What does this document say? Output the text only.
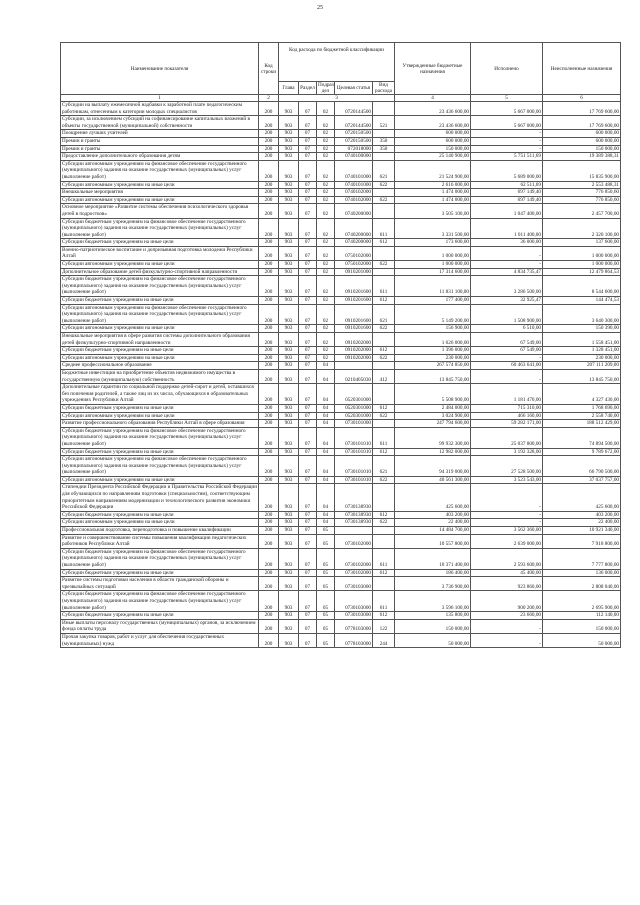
25
Наименование показателя	Код строки	Код расхода по бюджетной классификации					Утвержденные бюджетные назначения	Исполнено	Неисполненные назначения
		Глава	Раздел	Подраз дел	Целевая статья	Вид расхода			
1	2	3					4	5	6
Субсидии на выплату ежемесячной надбавки к заработной плате педагогическим работникам, отнесенным к категории молодых специалистов	200	903	07	02	0720144500		23 436 600,00	5 667 000,00	17 769 600,00
Субсидии, за исключением субсидий на софинансирование капитальных вложений в объекты государственной (муниципальной) собственности	200	903	07	02	0720144500	521	23 436 600,00	5 667 000,00	17 769 600,00
Поощрение лучших учителей	200	903	07	02	0720150500		600 000,00	-	600 000,00
Премии и гранты	200	903	07	02	0720150500	350	600 000,00	-	600 000,00
Премии и гранты	200	903	07	02	072018000	350	150 000,00	-	150 000,00
Предоставление дополнительного образования детям	200	903	07	02	0740100000		25 140 900,00	5 751 511,69	19 389 388,31
Субсидии автономным учреждениям на финансовое обеспечение государственного (муниципального) задания на оказание государственных (муниципальных) услуг (выполнение работ)	200	903	07	02	0740101000	621	21 524 900,00	5 689 000,00	15 835 900,00
Субсидии автономным учреждениям на иные цели	200	903	07	02	0740101000	622	2 616 000,00	62 511,69	2 553 488,31
Внешкольные мероприятия	200	903	07	02	0740102000		1 474 000,00	697 149,40	776 850,60
Субсидии автономным учреждениям на иные цели	200	903	07	02	0740102000	622	1 474 000,00	697 149,40	776 850,60
Основное мероприятие «Развитие системы обеспечения психологического здоровья детей в подростков»	200	903	07	02	0740200000		3 505 100,00	1 047 400,00	2 457 700,00
Субсидии бюджетным учреждениям на финансовое обеспечение государственного (муниципального) задания на оказание государственных (муниципальных) услуг (выполнение работ)	200	903	07	02	0740200000	611	3 331 500,00	1 011 400,00	2 320 100,00
Субсидии бюджетным учреждениям на иные цели	200	903	07	02	0740200000	612	173 600,00	36 000,00	137 600,00
Военно-патриотическое воспитание и допризывная подготовка молодежи Республики Алтай	200	903	07	02	0750102000		1 000 000,00	-	1 000 000,00
Субсидии автономным учреждениям на иные цели	200	903	07	02	0750102000	622	1 000 000,00	-	1 000 000,00
Дополнительное образование детей физкультурно-спортивной направленности	200	903	07	02	0910201000		17 314 600,00	4 834 735,47	12 479 864,53
Субсидии бюджетным учреждениям на финансовое обеспечение государственного (муниципального) задания на оказание государственных (муниципальных) услуг (выполнение работ)	200	903	07	02	0910201600	611	11 831 100,00	3 286 500,00	8 544 600,00
Субсидии бюджетным учреждениям на иные цели	200	903	07	02	0910201600	612	177 400,00	32 925,47	144 474,53
Субсидии автономным учреждениям на финансовое обеспечение государственного (муниципального) задания на оказание государственных (муниципальных) услуг (выполнение работ)	200	903	07	02	0910201600	621	5 149 200,00	1 508 900,00	3 640 300,00
Субсидии автономным учреждениям на иные цели	200	903	07	02	0910201600	622	156 900,00	6 510,00	150 390,00
Внешкольные мероприятия в сфере развития системы дополнительного образования детей физкультурно-спортивной направленности	200	903	07	02	0910202000		1 626 000,00	67 549,00	1 558 451,00
Субсидии бюджетным учреждениям на иные цели	200	903	07	02	0910202000	612	1 396 000,00	67 549,00	1 328 451,00
Субсидии автономным учреждениям на иные цели	200	903	07	02	0910202000	622	230 000,00	-	230 000,00
Среднее профессиональное образование	200	903	07	04			267 574 850,00	60 463 641,00	207 111 209,00
Бюджетные инвестиции на приобретение объектов недвижимого имущества в государственную (муниципальную) собственность	200	903	07	04	0210405030	412	13 845 750,00	-	13 845 750,00
Дополнительные гарантии по социальной поддержке детей-сирот и детей, оставшихся без попечения родителей, а также лиц из их числа, обучающихся в образовательных учреждениях Республики Алтай	200	903	07	04	0520301000		5 508 900,00	1 181 470,00	4 327 430,00
Субсидии бюджетным учреждениям на иные цели	200	903	07	04	0520301000	612	2 484 000,00	715 310,00	1 768 690,00
Субсидии автономным учреждениям на иные цели	200	903	07	04	0520301000	622	3 024 900,00	466 160,00	2 558 740,00
Развитие профессионального образования Республики Алтай в сфере образования	200	903	07	04	0730101000		247 794 600,00	59 282 171,00	188 512 429,00
Субсидии бюджетным учреждениям на финансовое обеспечение государственного (муниципального) задания на оказание государственных (муниципальных) услуг (выполнение работ)	200	903	07	04	0730101010	611	99 932 300,00	25 037 800,00	74 894 500,00
Субсидии бюджетным учреждениям на иные цели	200	903	07	04	0730101010	612	12 982 000,00	3 192 328,00	9 789 672,00
Субсидии автономным учреждениям на финансовое обеспечение государственного (муниципального) задания на оказание государственных (муниципальных) услуг (выполнение работ)	200	903	07	04	0730101010	621	94 319 000,00	27 528 500,00	66 790 500,00
Субсидии автономным учреждениям на иные цели	200	903	07	04	0730101010	622	40 561 300,00	3 523 543,00	37 037 757,00
Стипендии Президента Российской Федерации и Правительства Российской Федерации для обучающихся по направлениям подготовки (специальностям), соответствующим приоритетным направлениям модернизации и технологического развития экономики Российской Федерации	200	903	07	04	0730138930		425 600,00	-	425 600,00
Субсидии бюджетным учреждениям на иные цели	200	903	07	04	0730138930	612	403 200,00	-	403 200,00
Субсидии автономным учреждениям на иные цели	200	903	07	04	0730138930	622	22 400,00	-	22 400,00
Профессиональная подготовка, переподготовка и повышение квалификации	200	903	07	05			14 484 700,00	3 562 360,00	10 921 340,00
Развитие и совершенствование системы повышения квалификации педагогических работников Республики Алтай	200	903	07	05	0730102000		10 557 800,00	2 639 000,00	7 918 800,00
Субсидии бюджетным учреждениям на финансовое обеспечение государственного (муниципального) задания на оказание государственных (муниципальных) услуг (выполнение работ)	200	903	07	05	0730102000	611	10 371 400,00	2 593 600,00	7 777 800,00
Субсидии бюджетным учреждениям на иные цели	200	903	07	05	0730102000	612	186 400,00	45 400,00	136 000,00
Развитие системы подготовки населения в области гражданской обороны и чрезвычайных ситуаций	200	903	07	05	0730103000		3 736 900,00	923 860,00	2 808 040,00
Субсидии бюджетным учреждениям на финансовое обеспечение государственного (муниципального) задания на оказание государственных (муниципальных) услуг (выполнение работ)	200	903	07	05	0730103000	611	3 596 100,00	900 200,00	2 695 900,00
Субсидии бюджетным учреждениям на иные цели	200	903	07	05	0730103000	612	135 800,00	23 660,00	112 140,00
Иные выплаты персоналу государственных (муниципальных) органов, за исключением фонда оплаты труда	200	903	07	05	0778103000	122	150 000,00	-	150 000,00
Прочая закупка товаров, работ и услуг для обеспечения государственных (муниципальных) нужд	200	903	07	05	0778103000	244	50 000,00	-	50 000,00
